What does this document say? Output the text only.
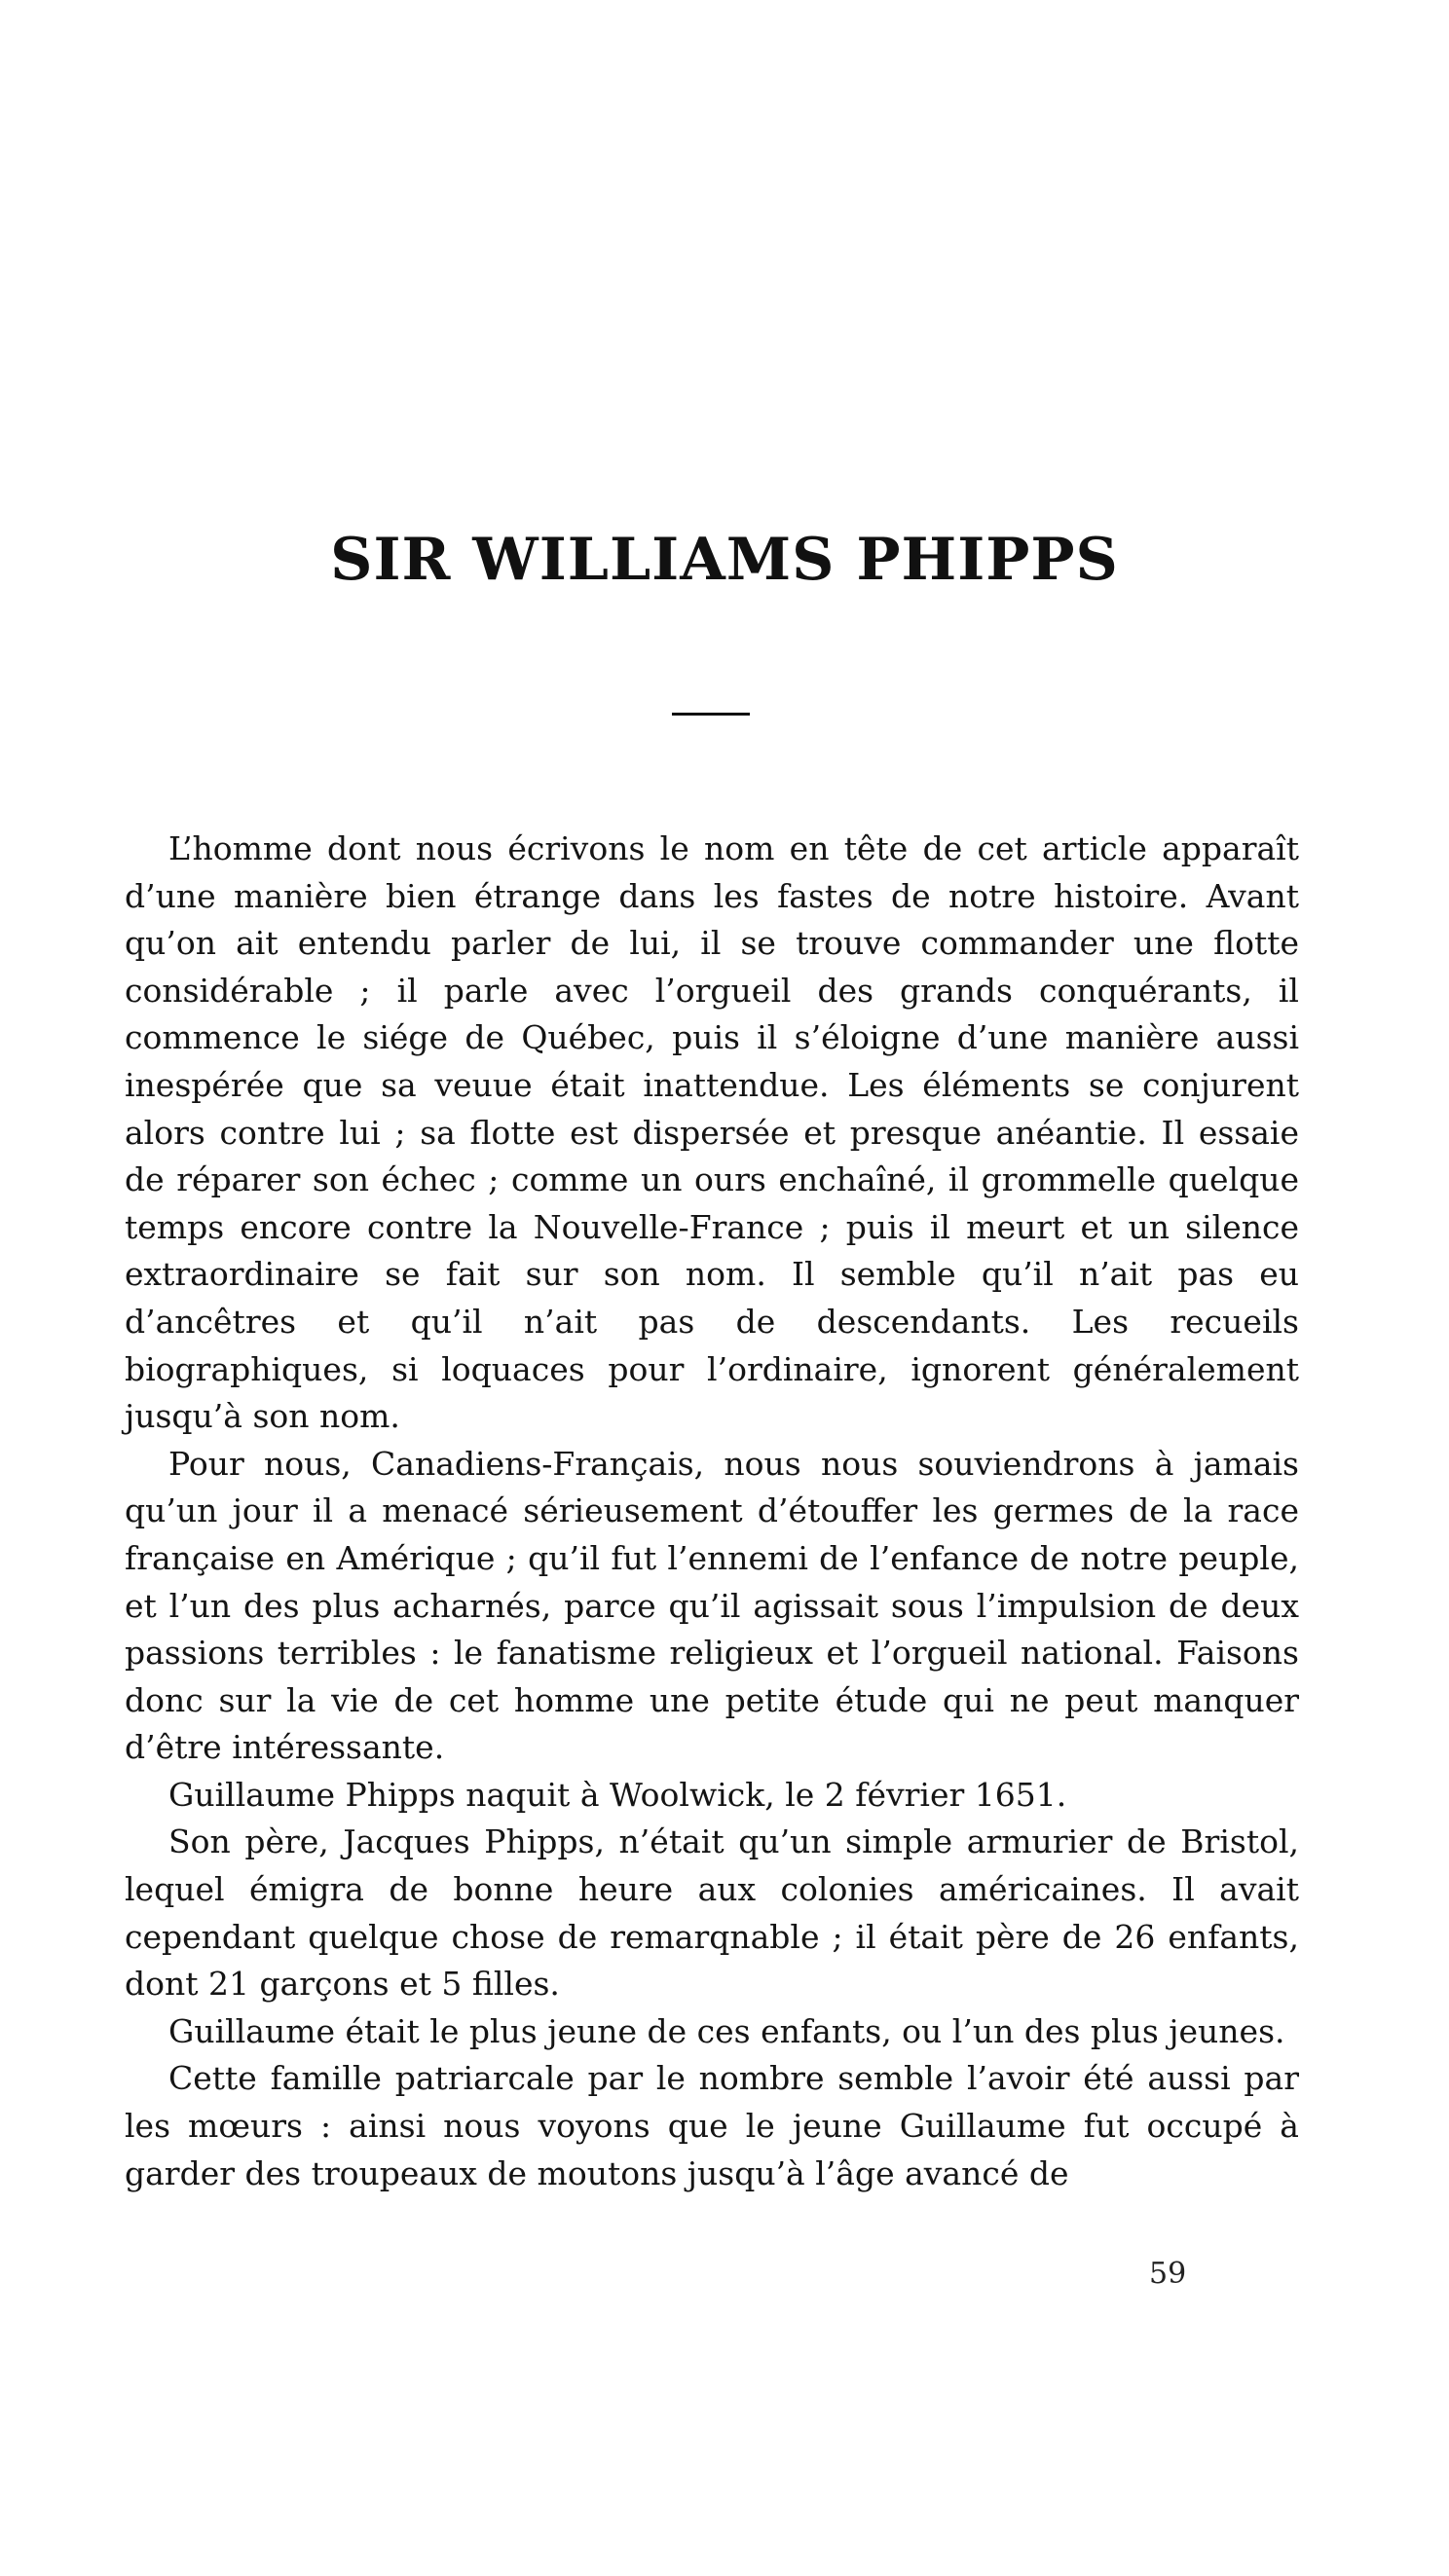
SIR WILLIAMS PHIPPS

L’homme dont nous écrivons le nom en tête de cet article apparaît d’une manière bien étrange dans les fastes de notre histoire. Avant qu’on ait entendu parler de lui, il se trouve commander une flotte considérable ; il parle avec l’orgueil des grands conquérants, il commence le siége de Québec, puis il s’éloigne d’une manière aussi inespérée que sa veuue était inattendue. Les éléments se conjurent alors contre lui ; sa flotte est dispersée et presque anéantie. Il essaie de réparer son échec ; comme un ours enchaîné, il grommelle quelque temps encore contre la Nouvelle-France ; puis il meurt et un silence extraordinaire se fait sur son nom. Il semble qu’il n’ait pas eu d’ancêtres et qu’il n’ait pas de descendants. Les recueils biographiques, si loquaces pour l’ordinaire, ignorent généralement jusqu’à son nom.

Pour nous, Canadiens-Français, nous nous souviendrons à jamais qu’un jour il a menacé sérieusement d’étouffer les germes de la race française en Amérique ; qu’il fut l’ennemi de l’enfance de notre peuple, et l’un des plus acharnés, parce qu’il agissait sous l’impulsion de deux passions terribles : le fanatisme religieux et l’orgueil national. Faisons donc sur la vie de cet homme une petite étude qui ne peut manquer d’être intéressante.

Guillaume Phipps naquit à Woolwick, le 2 février 1651.

Son père, Jacques Phipps, n’était qu’un simple armurier de Bristol, lequel émigra de bonne heure aux colonies américaines. Il avait cependant quelque chose de remarqnable ; il était père de 26 enfants, dont 21 garçons et 5 filles.

Guillaume était le plus jeune de ces enfants, ou l’un des plus jeunes.

Cette famille patriarcale par le nombre semble l’avoir été aussi par les mœurs : ainsi nous voyons que le jeune Guillaume fut occupé à garder des troupeaux de moutons jusqu’à l’âge avancé de

59
